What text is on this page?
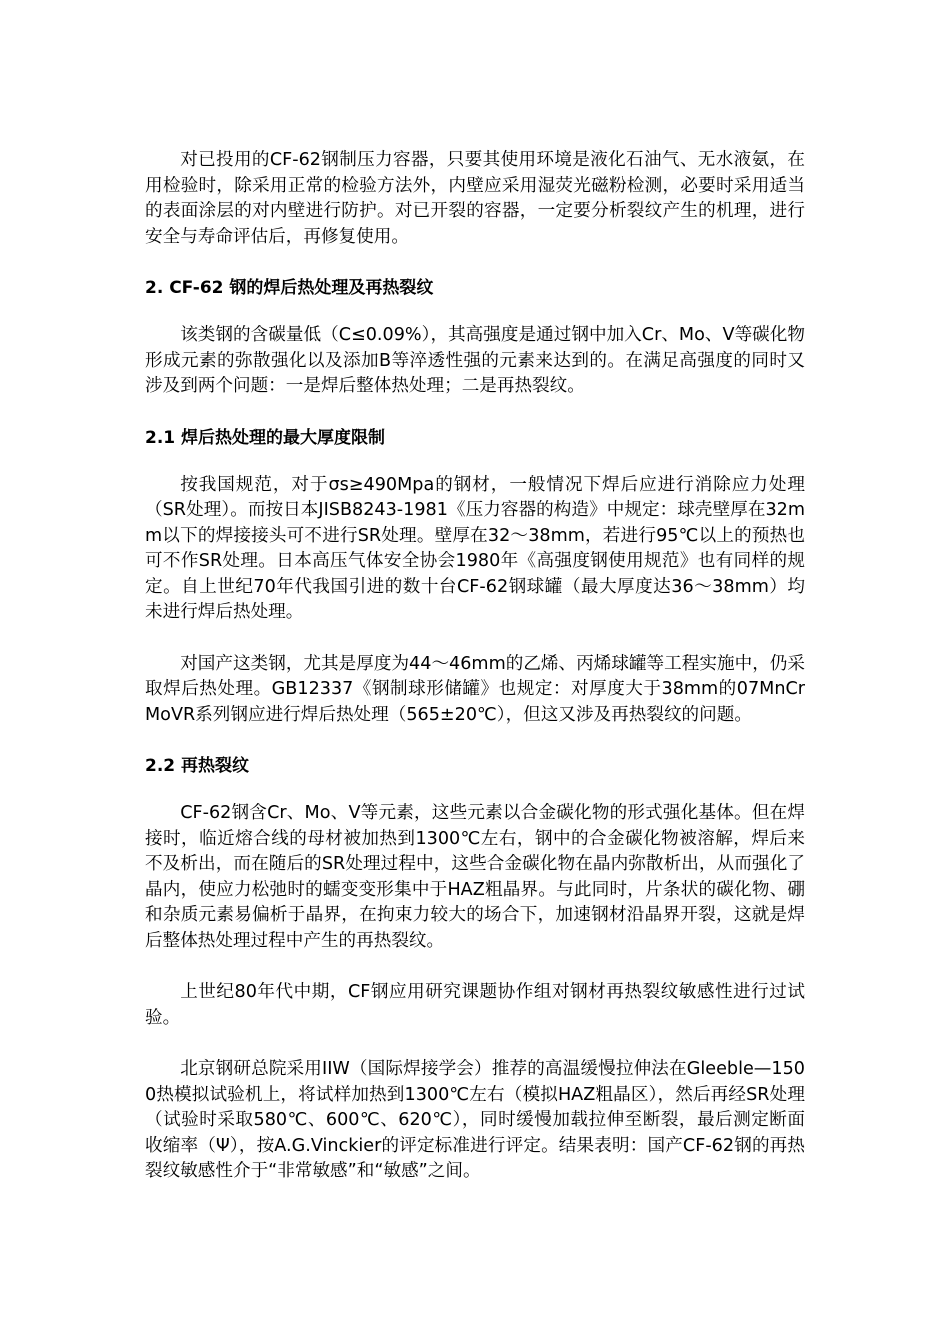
对已投用的CF-62钢制压力容器，只要其使用环境是液化石油气、无水液氨，在用检验时，除采用正常的检验方法外，内壁应采用湿荧光磁粉检测，必要时采用适当的表面涂层的对内壁进行防护。对已开裂的容器，一定要分析裂纹产生的机理，进行安全与寿命评估后，再修复使用。

2. CF-62 钢的焊后热处理及再热裂纹

该类钢的含碳量低（C≤0.09%），其高强度是通过钢中加入Cr、Mo、V等碳化物形成元素的弥散强化以及添加B等淬透性强的元素来达到的。在满足高强度的同时又涉及到两个问题：一是焊后整体热处理；二是再热裂纹。

2.1 焊后热处理的最大厚度限制

按我国规范，对于σs≥490Mpa的钢材，一般情况下焊后应进行消除应力处理（SR处理）。而按日本JISB8243-1981《压力容器的构造》中规定：球壳壁厚在32mm以下的焊接接头可不进行SR处理。壁厚在32～38mm，若进行95℃以上的预热也可不作SR处理。日本高压气体安全协会1980年《高强度钢使用规范》也有同样的规定。自上世纪70年代我国引进的数十台CF-62钢球罐（最大厚度达36～38mm）均未进行焊后热处理。

对国产这类钢，尤其是厚度为44～46mm的乙烯、丙烯球罐等工程实施中，仍采取焊后热处理。GB12337《钢制球形储罐》也规定：对厚度大于38mm的07MnCrMoVR系列钢应进行焊后热处理（565±20℃），但这又涉及再热裂纹的问题。

2.2 再热裂纹

CF-62钢含Cr、Mo、V等元素，这些元素以合金碳化物的形式强化基体。但在焊接时，临近熔合线的母材被加热到1300℃左右，钢中的合金碳化物被溶解，焊后来不及析出，而在随后的SR处理过程中，这些合金碳化物在晶内弥散析出，从而强化了晶内，使应力松弛时的蠕变变形集中于HAZ粗晶界。与此同时，片条状的碳化物、硼和杂质元素易偏析于晶界，在拘束力较大的场合下，加速钢材沿晶界开裂，这就是焊后整体热处理过程中产生的再热裂纹。

上世纪80年代中期，CF钢应用研究课题协作组对钢材再热裂纹敏感性进行过试验。

北京钢研总院采用IIW（国际焊接学会）推荐的高温缓慢拉伸法在Gleeble—1500热模拟试验机上，将试样加热到1300℃左右（模拟HAZ粗晶区），然后再经SR处理（试验时采取580℃、600℃、620℃），同时缓慢加载拉伸至断裂，最后测定断面收缩率（Ψ），按A.G.Vinckier的评定标准进行评定。结果表明：国产CF-62钢的再热裂纹敏感性介于“非常敏感”和“敏感”之间。
